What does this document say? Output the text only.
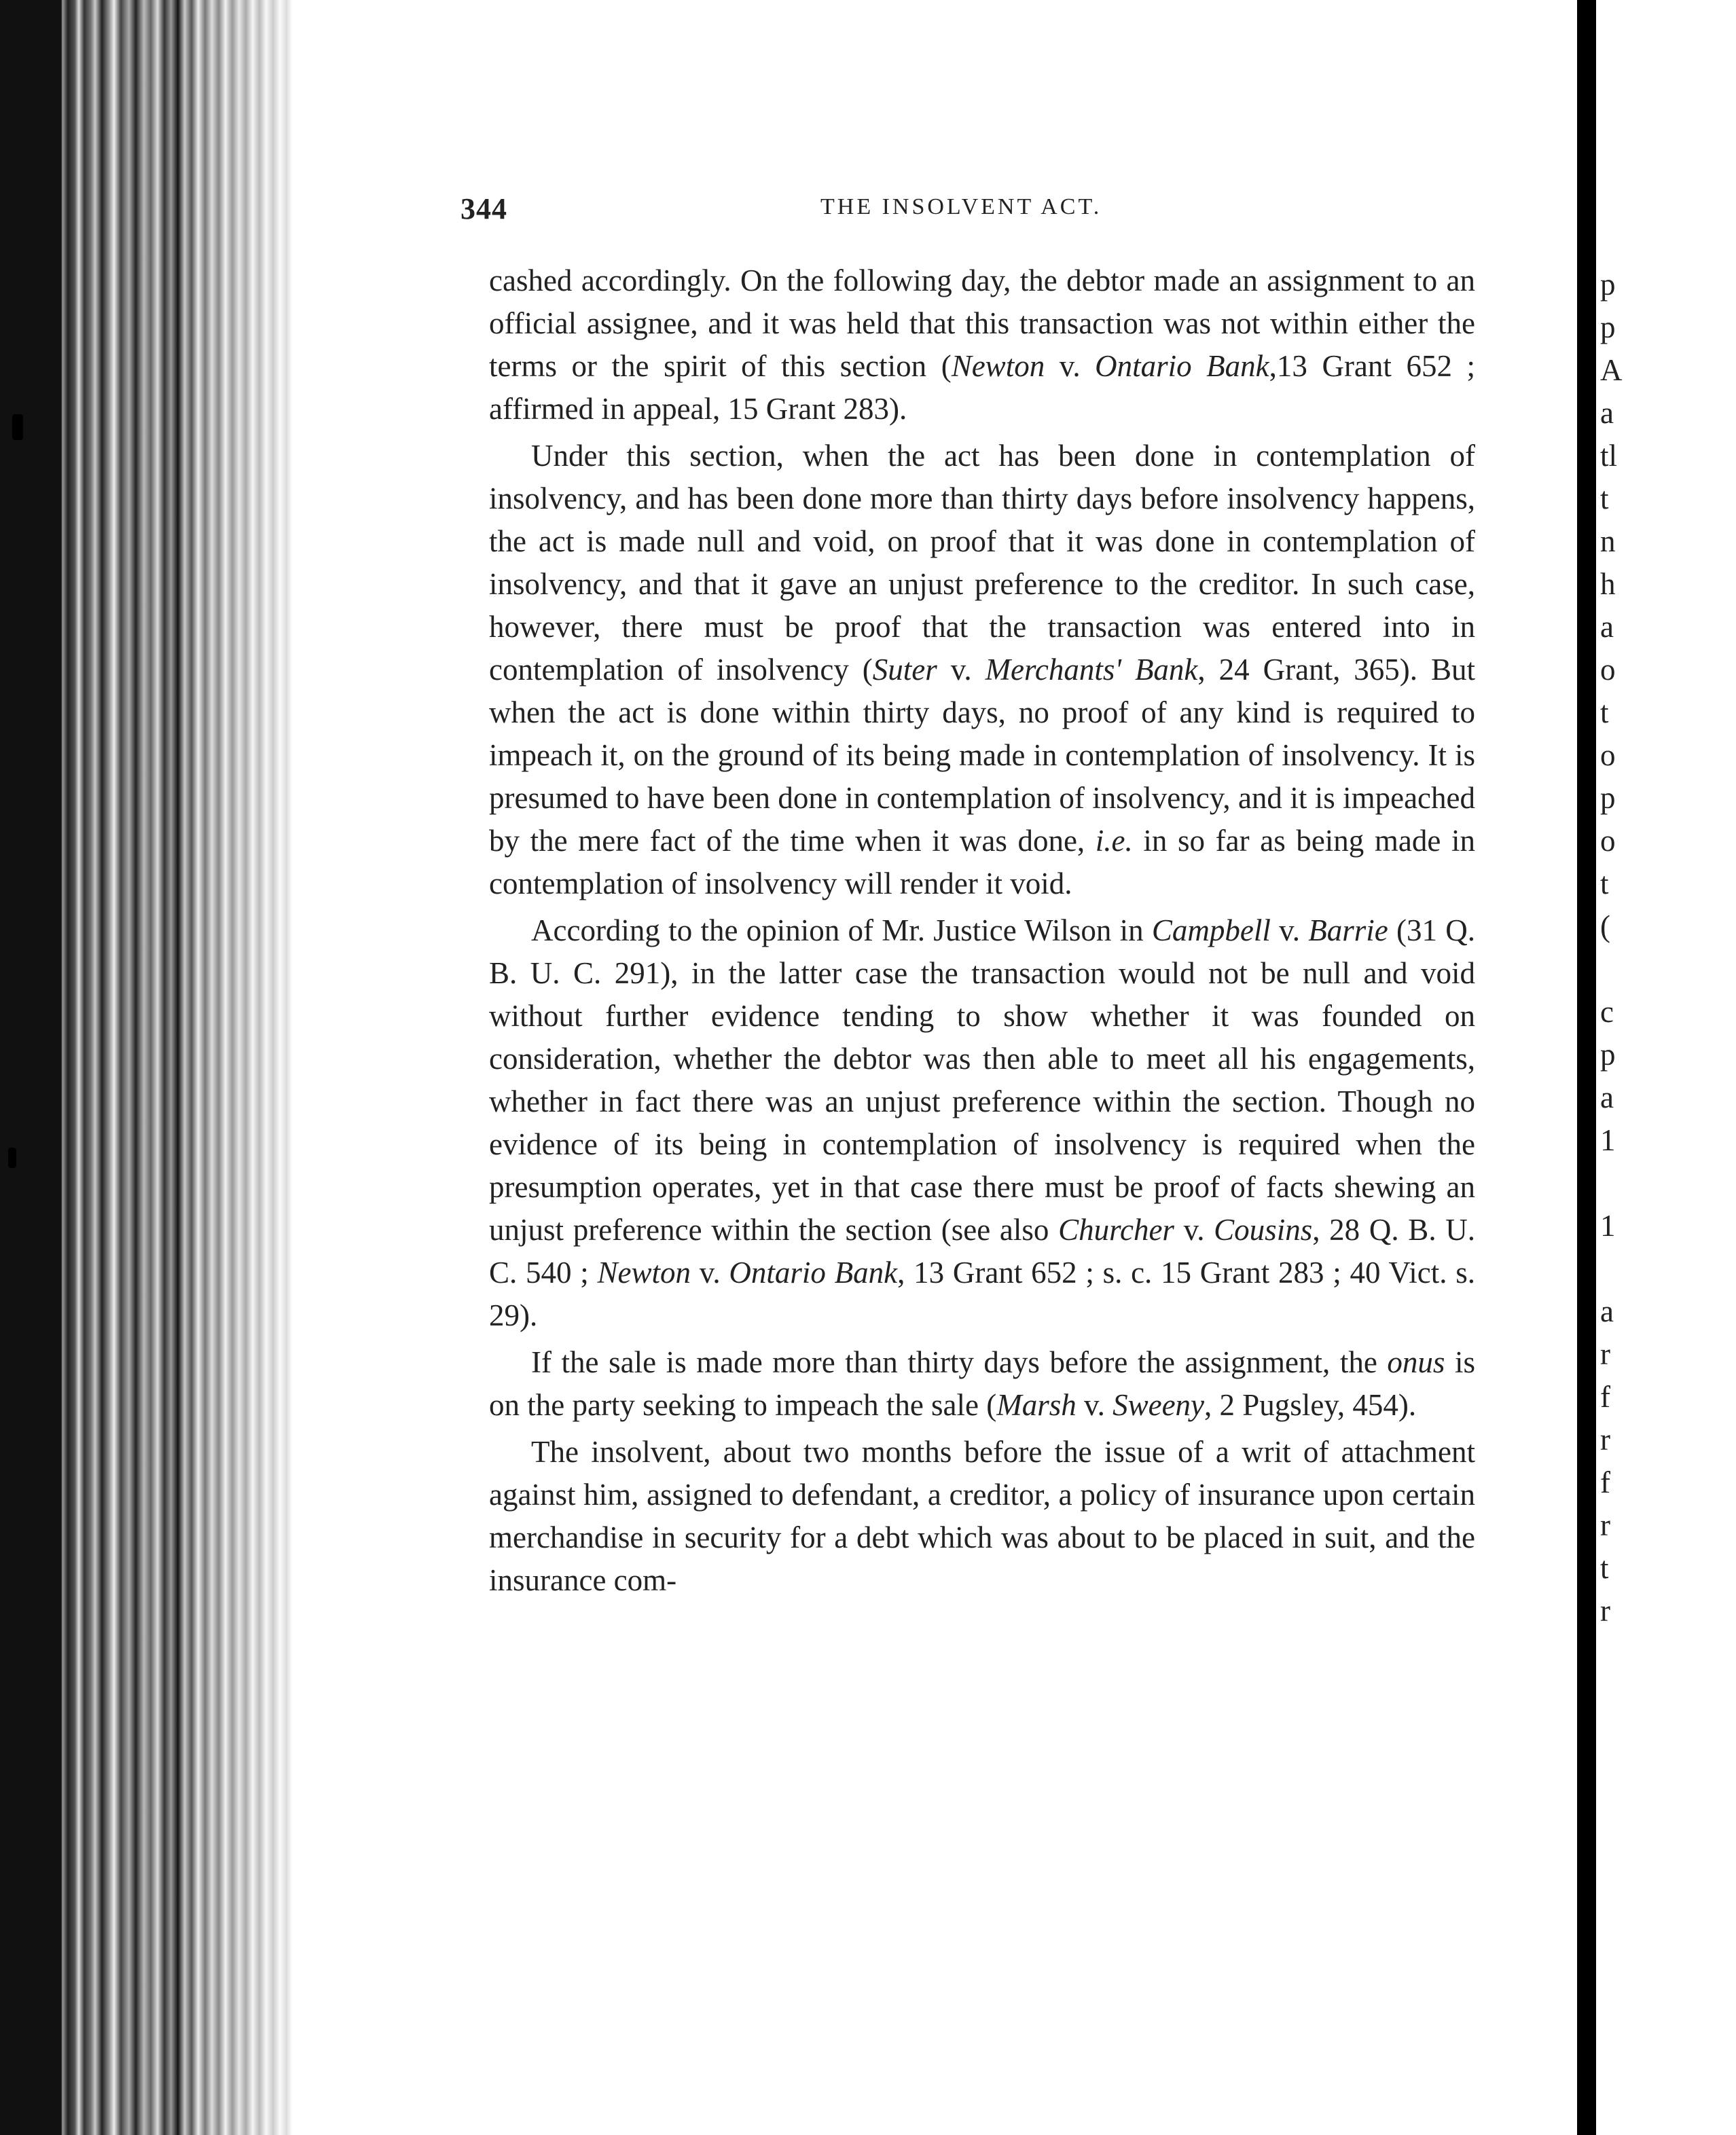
344	THE INSOLVENT ACT.

cashed accordingly. On the following day, the debtor made an assignment to an official assignee, and it was held that this transaction was not within either the terms or the spirit of this section (Newton v. Ontario Bank,13 Grant 652 ; affirmed in appeal, 15 Grant 283).

Under this section, when the act has been done in contemplation of insolvency, and has been done more than thirty days before insolvency happens, the act is made null and void, on proof that it was done in contemplation of insolvency, and that it gave an unjust preference to the creditor. In such case, however, there must be proof that the transaction was entered into in contemplation of insolvency (Suter v. Merchants' Bank, 24 Grant, 365). But when the act is done within thirty days, no proof of any kind is required to impeach it, on the ground of its being made in contemplation of insolvency. It is presumed to have been done in contemplation of insolvency, and it is impeached by the mere fact of the time when it was done, i.e. in so far as being made in contemplation of insolvency will render it void.

According to the opinion of Mr. Justice Wilson in Campbell v. Barrie (31 Q. B. U. C. 291), in the latter case the transaction would not be null and void without further evidence tending to show whether it was founded on consideration, whether the debtor was then able to meet all his engagements, whether in fact there was an unjust preference within the section. Though no evidence of its being in contemplation of insolvency is required when the presumption operates, yet in that case there must be proof of facts shewing an unjust preference within the section (see also Churcher v. Cousins, 28 Q. B. U. C. 540 ; Newton v. Ontario Bank, 13 Grant 652 ; s. c. 15 Grant 283 ; 40 Vict. s. 29).

If the sale is made more than thirty days before the assignment, the onus is on the party seeking to impeach the sale (Marsh v. Sweeny, 2 Pugsley, 454).

The insolvent, about two months before the issue of a writ of attachment against him, assigned to defendant, a creditor, a policy of insurance upon certain merchandise in security for a debt which was about to be placed in suit, and the insurance com-

p
p
A
a
tl
t
n
h
a
o
t
o
p
o
t
(
c
p
a
1
1
a
r
f
r
f
r
t
r
